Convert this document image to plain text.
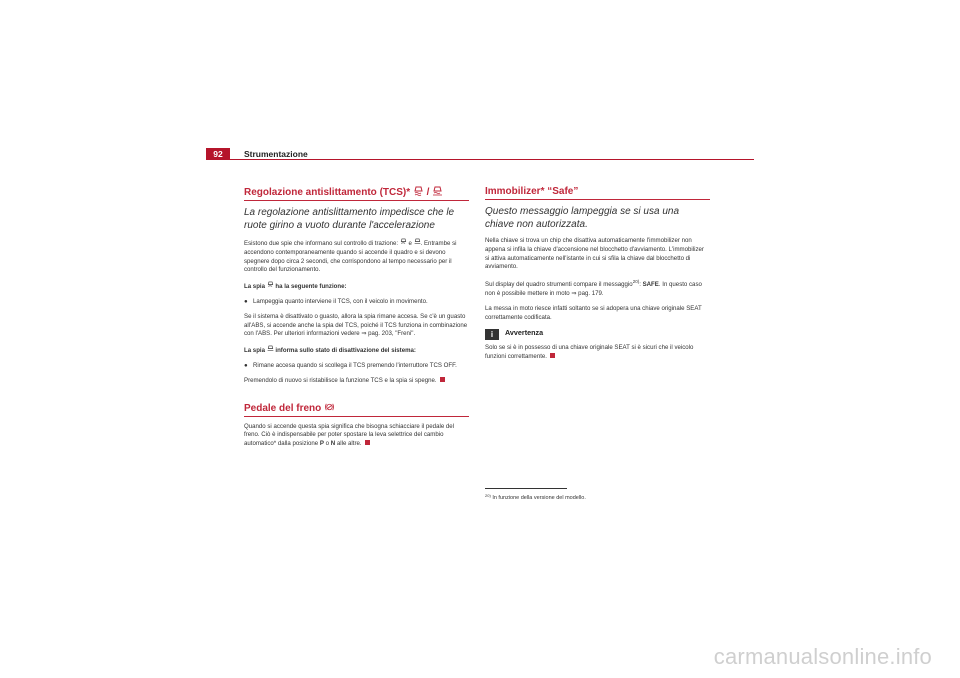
92	Strumentazione
Regolazione antislittamento (TCS)*  /
La regolazione antislittamento impedisce che le ruote girino a vuoto durante l'accelerazione

Esistono due spie che informano sul controllo di trazione:  e . Entrambe si accendono contemporaneamente quando si accende il quadro e si devono spegnere dopo circa 2 secondi, che corrispondono al tempo necessario per il controllo del funzionamento.

La spia  ha la seguente funzione:

● Lampeggia quanto interviene il TCS, con il veicolo in movimento.

Se il sistema è disattivato o guasto, allora la spia rimane accesa. Se c'è un guasto all'ABS, si accende anche la spia del TCS, poiché il TCS funziona in combinazione con l'ABS. Per ulteriori informazioni vedere ⇒ pag. 203, "Freni".

La spia  informa sullo stato di disattivazione del sistema:

● Rimane accesa quando si scollega il TCS premendo l'interruttore TCS OFF.

Premendolo di nuovo si ristabilisce la funzione TCS e la spia si spegne.

Pedale del freno

Quando si accende questa spia significa che bisogna schiacciare il pedale del freno. Ciò è indispensabile per poter spostare la leva selettrice del cambio automatico* dalla posizione P o N alle altre.

Immobilizer* “Safe”
Questo messaggio lampeggia se si usa una chiave non autorizzata.

Nella chiave si trova un chip che disattiva automaticamente l'immobilizer non appena si infila la chiave d'accensione nel blocchetto d'avviamento. L'immobilizer si attiva automaticamente nell'istante in cui si sfila la chiave dal blocchetto di avviamento.

Sul display del quadro strumenti compare il messaggio$^{20)}$: SAFE. In questo caso non è possibile mettere in moto ⇒ pag. 179.

La messa in moto riesce infatti soltanto se si adopera una chiave originale SEAT correttamente codificata.

i Avvertenza

Solo se si è in possesso di una chiave originale SEAT si è sicuri che il veicolo funzioni correttamente.

$^{20)}$ In funzione della versione del modello.
carmanualsonline.info
